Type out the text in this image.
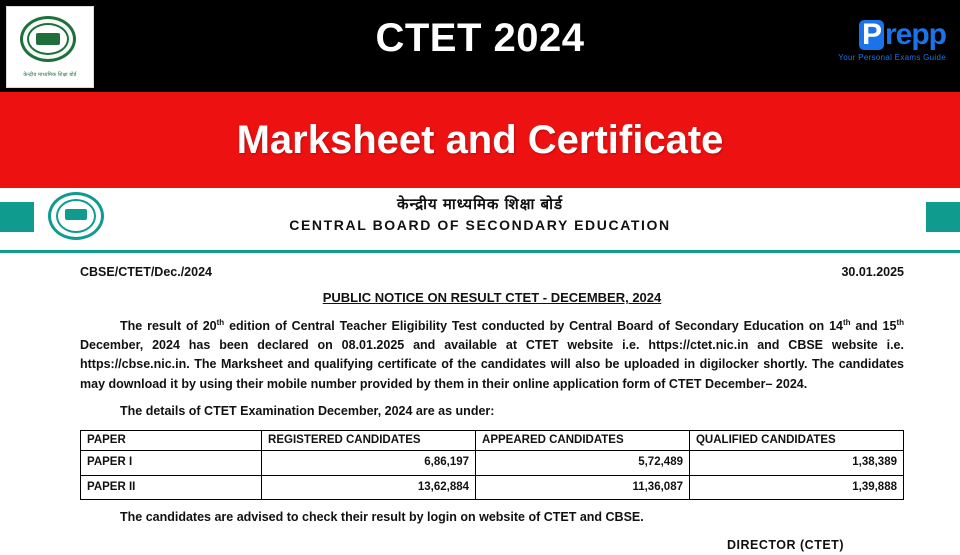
केन्द्रीय माध्यमिक शिक्षा बोर्ड
CTET 2024	P repp
Your Personal Exams Guide
Marksheet and Certificate
केन्द्रीय माध्यमिक शिक्षा बोर्ड
CENTRAL BOARD OF SECONDARY EDUCATION
CBSE/CTET/Dec./2024	30.01.2025
PUBLIC NOTICE ON RESULT CTET - DECEMBER, 2024

The result of 20th edition of Central Teacher Eligibility Test conducted by Central Board of Secondary Education on 14th and 15th December, 2024 has been declared on 08.01.2025 and available at CTET website i.e. https://ctet.nic.in and CBSE website i.e. https://cbse.nic.in. The Marksheet and qualifying certificate of the candidates will also be uploaded in digilocker shortly. The candidates may download it by using their mobile number provided by them in their online application form of CTET December– 2024.

The details of CTET Examination December, 2024 are as under:

PAPER	REGISTERED CANDIDATES	APPEARED CANDIDATES	QUALIFIED CANDIDATES
PAPER I	6,86,197	5,72,489	1,38,389
PAPER II	13,62,884	11,36,087	1,39,888

The candidates are advised to check their result by login on website of CTET and CBSE.

DIRECTOR (CTET)
